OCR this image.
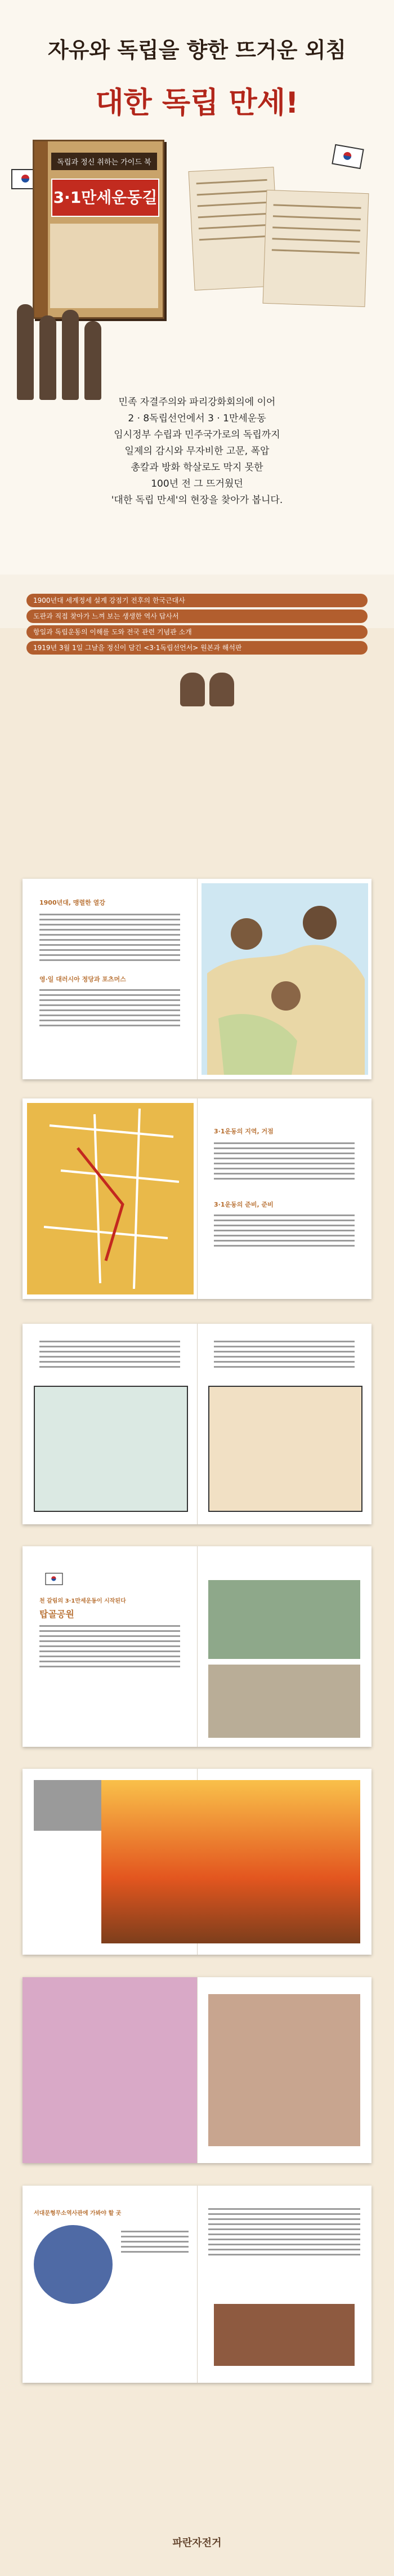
자유와 독립을 향한 뜨거운 외침
대한 독립 만세!
독립과 정신 취하는 가이드 북
3·1만세운동길
민족 자결주의와 파리강화회의에 이어
2 · 8독립선언에서 3 · 1만세운동
임시정부 수립과 민주국가로의 독립까지
일제의 감시와 무자비한 고문, 폭압
총칼과 방화 학살로도 막지 못한
100년 전 그 뜨거웠던
'대한 독립 만세'의 현장을 찾아가 봅니다.
1900년대 세계정세 설계 강점기 전후의 한국근대사
도판과 직접 찾아가 느껴 보는 생생한 역사 답사서
항일과 독립운동의 이해를 도와 전국 관련 기념관 소개
1919년 3월 1일 그날을 정신이 담긴 <3·1독립선언서> 원본과 해석판
1900년대, 맹렬한 열강
영·일 대러시아 정당과 포츠머스
3·1운동의 지역, 거점
3·1운동의 준비, 준비
천 갈림의 3·1만세운동이 시작된다
탑골공원
서대문형무소역사관에 가봐야 할 곳
파란자전거
